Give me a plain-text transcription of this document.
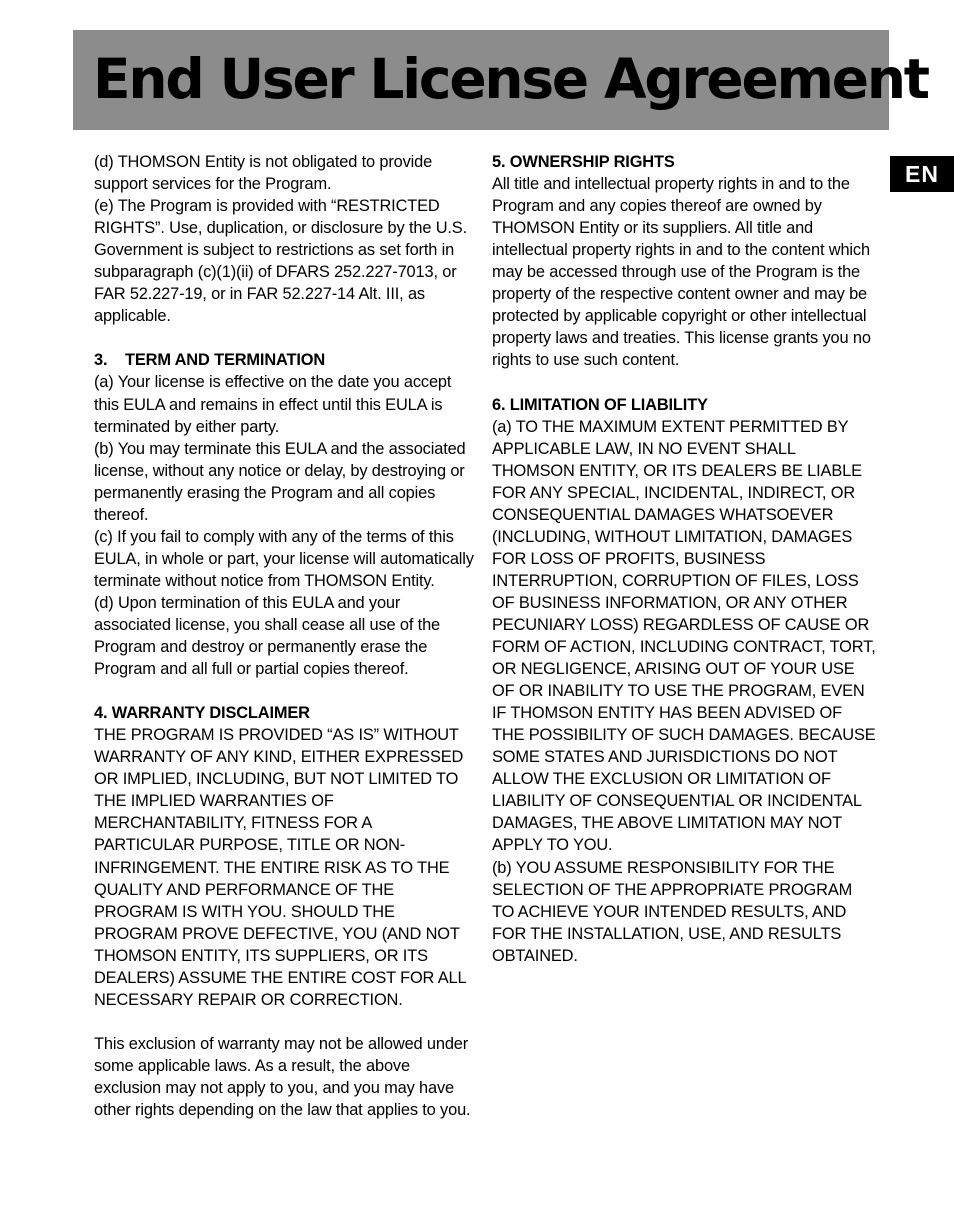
End User License Agreement
EN

(d) THOMSON Entity is not obligated to provide support services for the Program.

(e) The Program is provided with “RESTRICTED RIGHTS”. Use, duplication, or disclosure by the U.S. Government is subject to restrictions as set forth in subparagraph (c)(1)(ii) of DFARS 252.227-7013, or FAR 52.227-19, or in FAR 52.227-14 Alt. III, as applicable.

3.    TERM AND TERMINATION

(a) Your license is effective on the date you accept this EULA and remains in effect until this EULA is terminated by either party.

(b) You may terminate this EULA and the associated license, without any notice or delay, by destroying or permanently erasing the Program and all copies thereof.

(c) If you fail to comply with any of the terms of this EULA, in whole or part, your license will automatically terminate without notice from THOMSON Entity.

(d) Upon termination of this EULA and your associated license, you shall cease all use of the Program and destroy or permanently erase the Program and all full or partial copies thereof.

4. WARRANTY DISCLAIMER

THE PROGRAM IS PROVIDED “AS IS” WITHOUT WARRANTY OF ANY KIND, EITHER EXPRESSED OR IMPLIED, INCLUDING, BUT NOT LIMITED TO THE IMPLIED WARRANTIES OF MERCHANTABILITY, FITNESS FOR A PARTICULAR PURPOSE, TITLE OR NON-INFRINGEMENT. THE ENTIRE RISK AS TO THE QUALITY AND PERFORMANCE OF THE PROGRAM IS WITH YOU. SHOULD THE PROGRAM PROVE DEFECTIVE, YOU (AND NOT THOMSON ENTITY, ITS SUPPLIERS, OR ITS DEALERS) ASSUME THE ENTIRE COST FOR ALL NECESSARY REPAIR OR CORRECTION.

This exclusion of warranty may not be allowed under some applicable laws. As a result, the above exclusion may not apply to you, and you may have other rights depending on the law that applies to you.

5. OWNERSHIP RIGHTS

All title and intellectual property rights in and to the Program and any copies thereof are owned by THOMSON Entity or its suppliers. All title and intellectual property rights in and to the content which may be accessed through use of the Program is the property of the respective content owner and may be protected by applicable copyright or other intellectual property laws and treaties. This license grants you no rights to use such content.

6. LIMITATION OF LIABILITY

(a) TO THE MAXIMUM EXTENT PERMITTED BY APPLICABLE LAW, IN NO EVENT SHALL THOMSON ENTITY, OR ITS DEALERS BE LIABLE FOR ANY SPECIAL, INCIDENTAL, INDIRECT, OR CONSEQUENTIAL DAMAGES WHATSOEVER (INCLUDING, WITHOUT LIMITATION, DAMAGES FOR LOSS OF PROFITS, BUSINESS INTERRUPTION, CORRUPTION OF FILES, LOSS OF BUSINESS INFORMATION, OR ANY OTHER PECUNIARY LOSS) REGARDLESS OF CAUSE OR FORM OF ACTION, INCLUDING CONTRACT, TORT, OR NEGLIGENCE, ARISING OUT OF YOUR USE OF OR INABILITY TO USE THE PROGRAM, EVEN IF THOMSON ENTITY HAS BEEN ADVISED OF THE POSSIBILITY OF SUCH DAMAGES. BECAUSE SOME STATES AND JURISDICTIONS DO NOT ALLOW THE EXCLUSION OR LIMITATION OF LIABILITY OF CONSEQUENTIAL OR INCIDENTAL DAMAGES, THE ABOVE LIMITATION MAY NOT APPLY TO YOU.

(b) YOU ASSUME RESPONSIBILITY FOR THE SELECTION OF THE APPROPRIATE PROGRAM TO ACHIEVE YOUR INTENDED RESULTS, AND FOR THE INSTALLATION, USE, AND RESULTS OBTAINED.
